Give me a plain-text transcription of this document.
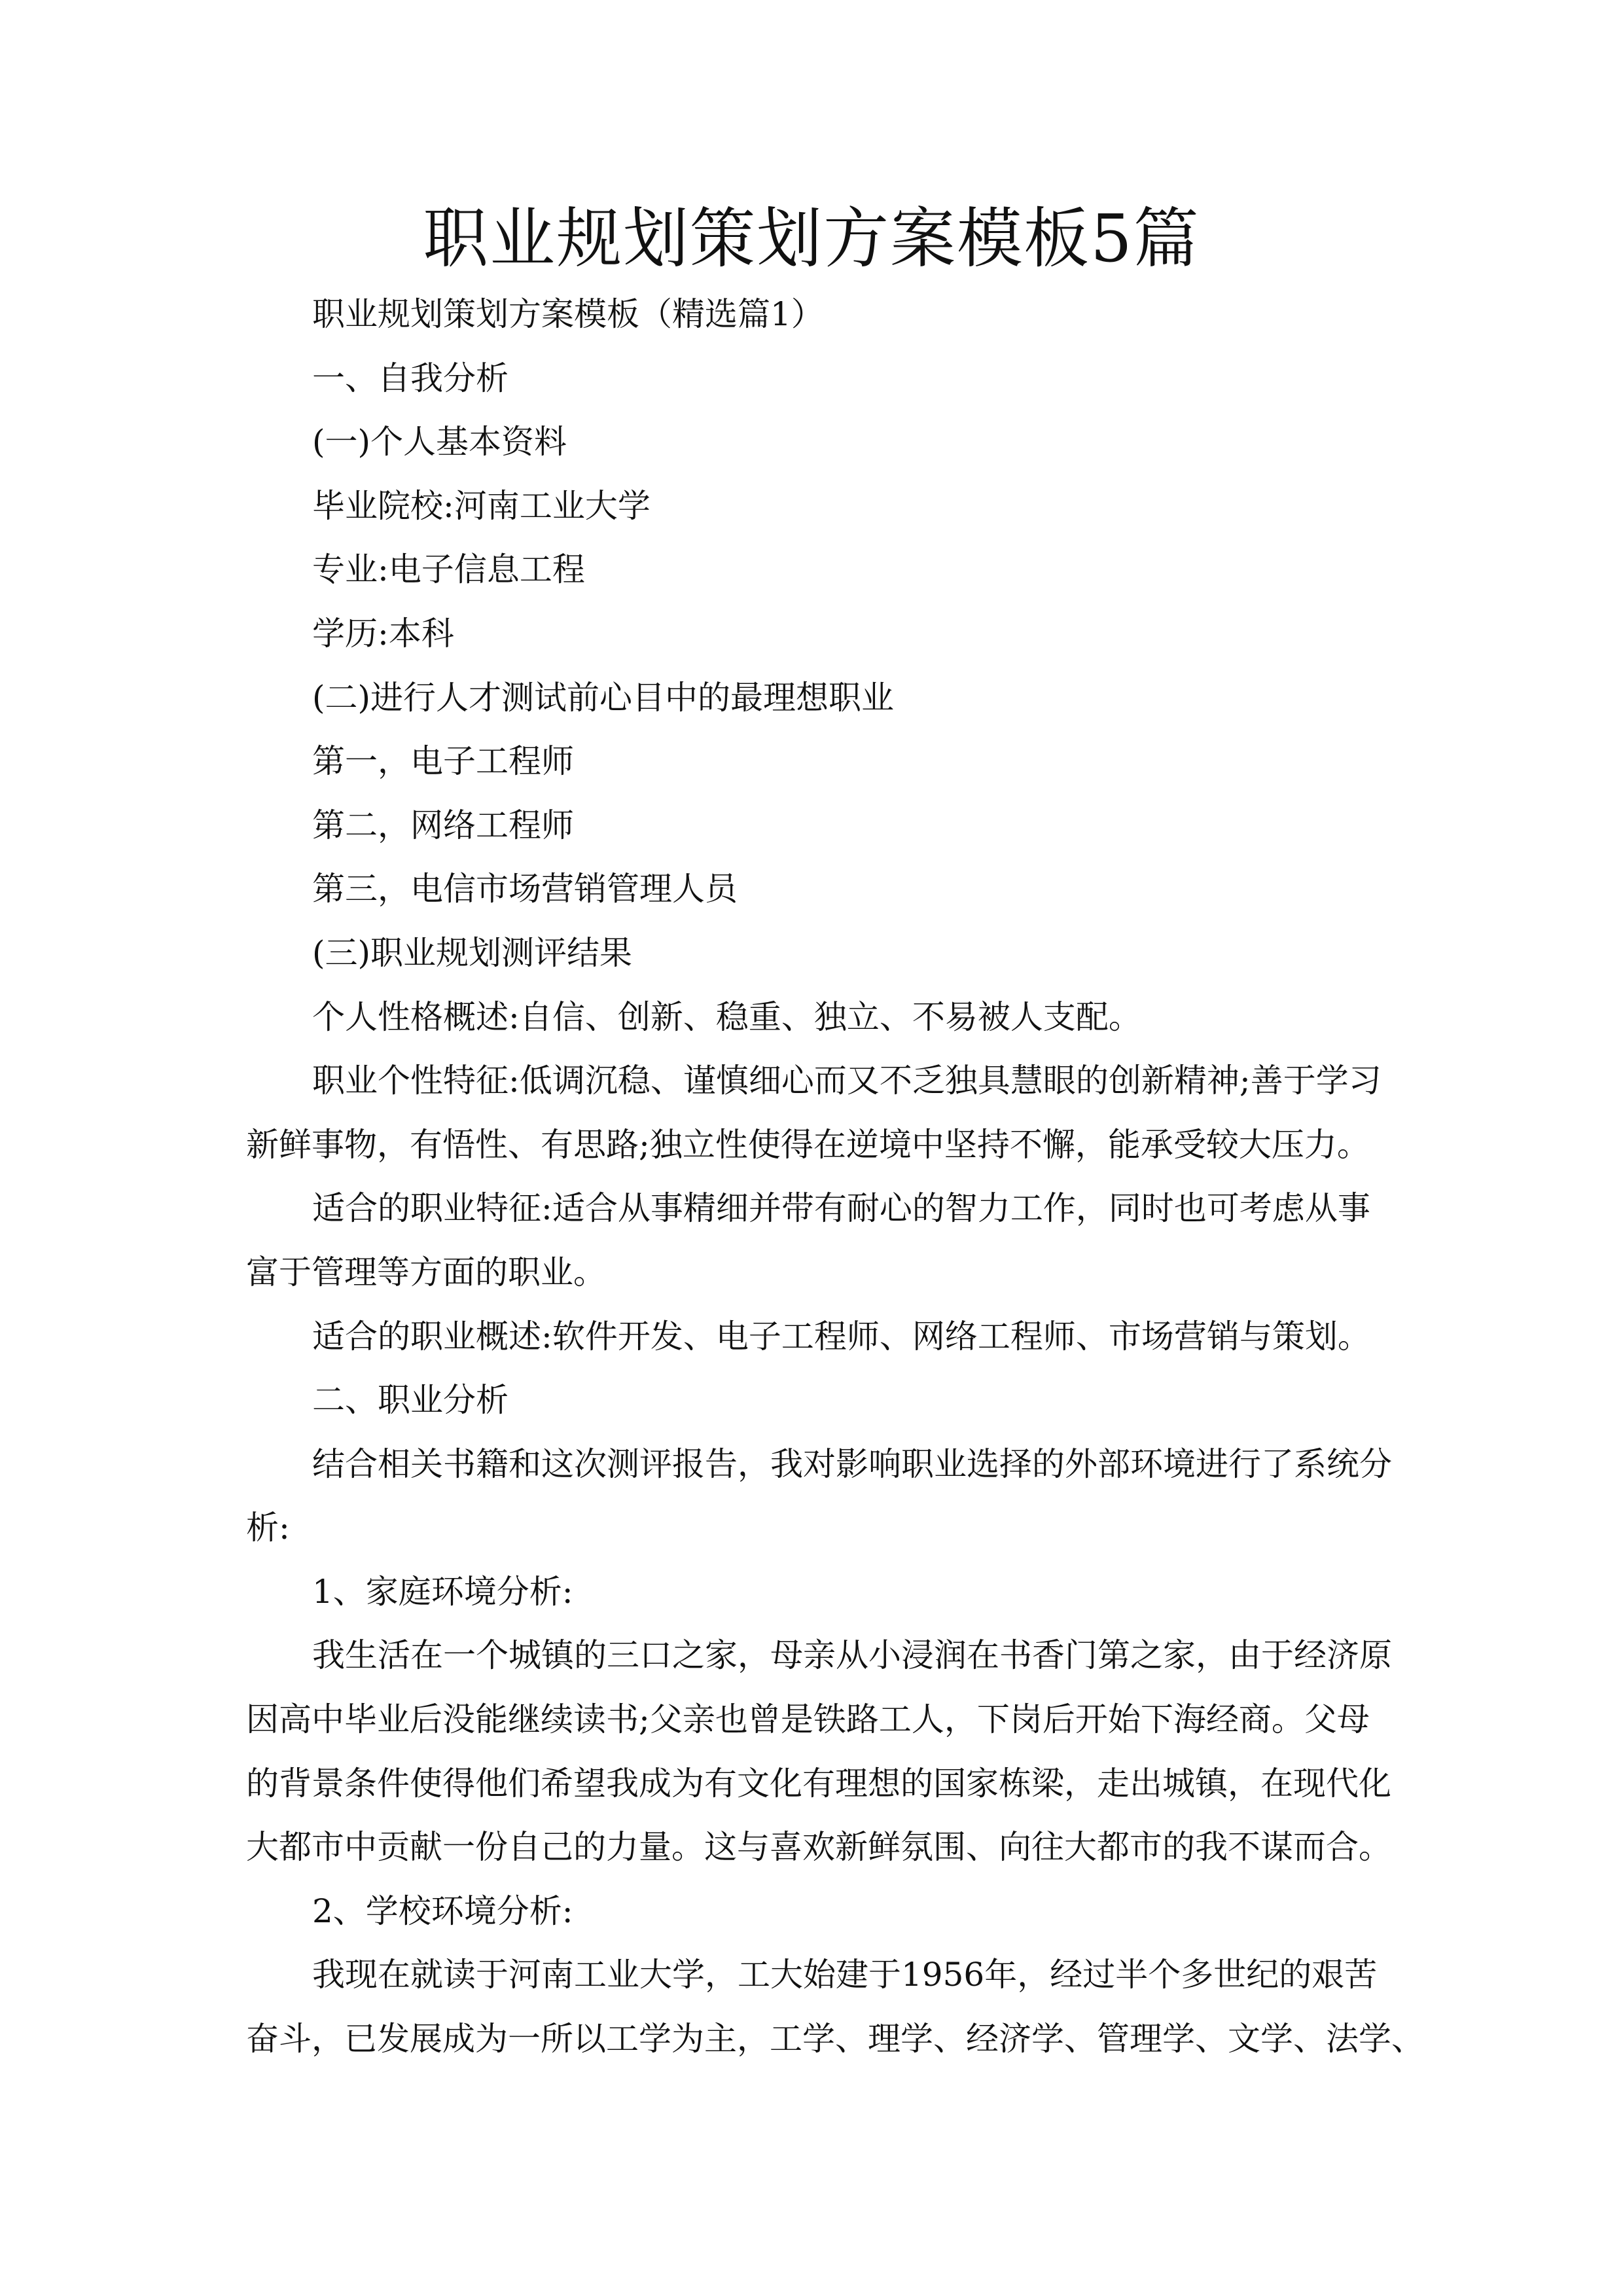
职业规划策划方案模板5篇
职业规划策划方案模板（精选篇1）
一、自我分析
(一)个人基本资料
毕业院校:河南工业大学
专业:电子信息工程
学历:本科
(二)进行人才测试前心目中的最理想职业
第一，电子工程师
第二，网络工程师
第三，电信市场营销管理人员
(三)职业规划测评结果
个人性格概述:自信、创新、稳重、独立、不易被人支配。
职业个性特征:低调沉稳、谨慎细心而又不乏独具慧眼的创新精神;善于学习
新鲜事物，有悟性、有思路;独立性使得在逆境中坚持不懈，能承受较大压力。
适合的职业特征:适合从事精细并带有耐心的智力工作，同时也可考虑从事
富于管理等方面的职业。
适合的职业概述:软件开发、电子工程师、网络工程师、市场营销与策划。
二、职业分析
结合相关书籍和这次测评报告，我对影响职业选择的外部环境进行了系统分
析:
1、家庭环境分析:
我生活在一个城镇的三口之家，母亲从小浸润在书香门第之家，由于经济原
因高中毕业后没能继续读书;父亲也曾是铁路工人，下岗后开始下海经商。父母
的背景条件使得他们希望我成为有文化有理想的国家栋梁，走出城镇，在现代化
大都市中贡献一份自己的力量。这与喜欢新鲜氛围、向往大都市的我不谋而合。
2、学校环境分析:
我现在就读于河南工业大学，工大始建于1956年，经过半个多世纪的艰苦
奋斗，已发展成为一所以工学为主，工学、理学、经济学、管理学、文学、法学、
